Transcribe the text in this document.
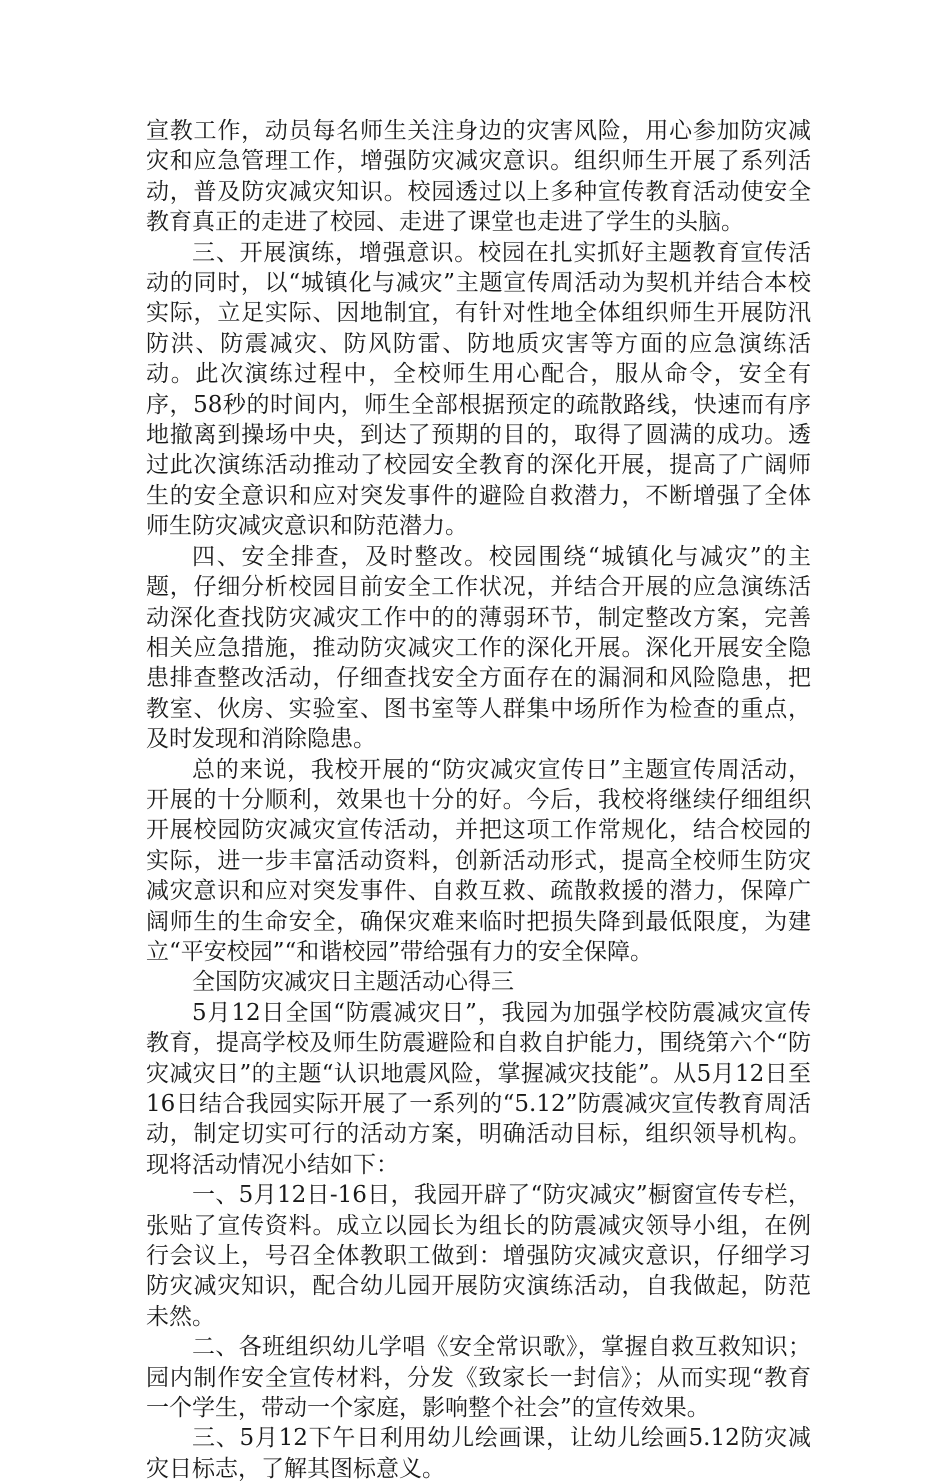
宣教工作，动员每名师生关注身边的灾害风险，用心参加防灾减灾和应急管理工作，增强防灾减灾意识。组织师生开展了系列活动，普及防灾减灾知识。校园透过以上多种宣传教育活动使安全教育真正的走进了校园、走进了课堂也走进了学生的头脑。

三、开展演练，增强意识。校园在扎实抓好主题教育宣传活动的同时，以“城镇化与减灾”主题宣传周活动为契机并结合本校实际，立足实际、因地制宜，有针对性地全体组织师生开展防汛防洪、防震减灾、防风防雷、防地质灾害等方面的应急演练活动。此次演练过程中，全校师生用心配合，服从命令，安全有序，58秒的时间内，师生全部根据预定的疏散路线，快速而有序地撤离到操场中央，到达了预期的目的，取得了圆满的成功。透过此次演练活动推动了校园安全教育的深化开展，提高了广阔师生的安全意识和应对突发事件的避险自救潜力，不断增强了全体师生防灾减灾意识和防范潜力。

四、安全排查，及时整改。校园围绕“城镇化与减灾”的主题，仔细分析校园目前安全工作状况，并结合开展的应急演练活动深化查找防灾减灾工作中的的薄弱环节，制定整改方案，完善相关应急措施，推动防灾减灾工作的深化开展。深化开展安全隐患排查整改活动，仔细查找安全方面存在的漏洞和风险隐患，把教室、伙房、实验室、图书室等人群集中场所作为检查的重点，及时发现和消除隐患。

总的来说，我校开展的“防灾减灾宣传日”主题宣传周活动，开展的十分顺利，效果也十分的好。今后，我校将继续仔细组织开展校园防灾减灾宣传活动，并把这项工作常规化，结合校园的实际，进一步丰富活动资料，创新活动形式，提高全校师生防灾减灾意识和应对突发事件、自救互救、疏散救援的潜力，保障广阔师生的生命安全，确保灾难来临时把损失降到最低限度，为建立“平安校园”“和谐校园”带给强有力的安全保障。

全国防灾减灾日主题活动心得三

5月12日全国“防震减灾日”，我园为加强学校防震减灾宣传教育，提高学校及师生防震避险和自救自护能力，围绕第六个“防灾减灾日”的主题“认识地震风险，掌握减灾技能”。从5月12日至16日结合我园实际开展了一系列的“5.12”防震减灾宣传教育周活动，制定切实可行的活动方案，明确活动目标，组织领导机构。现将活动情况小结如下：

一、5月12日-16日，我园开辟了“防灾减灾”橱窗宣传专栏，张贴了宣传资料。成立以园长为组长的防震减灾领导小组，在例行会议上，号召全体教职工做到：增强防灾减灾意识，仔细学习防灾减灾知识，配合幼儿园开展防灾演练活动，自我做起，防范未然。

二、各班组织幼儿学唱《安全常识歌》，掌握自救互救知识；园内制作安全宣传材料，分发《致家长一封信》；从而实现“教育一个学生，带动一个家庭，影响整个社会”的宣传效果。

三、5月12下午日利用幼儿绘画课，让幼儿绘画5.12防灾减灾日标志，了解其图标意义。
